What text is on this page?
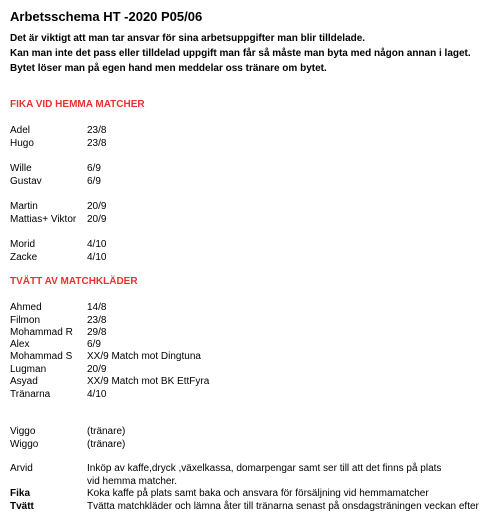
Arbetsschema HT -2020 P05/06
Det är viktigt att man tar ansvar för sina arbetsuppgifter man blir tilldelade.
Kan man inte det pass eller tilldelad uppgift man får så måste man byta med någon annan i laget.
Bytet löser man på egen hand men meddelar oss tränare om bytet.
FIKA VID HEMMA MATCHER
Adel	23/8
Hugo	23/8
Wille	6/9
Gustav	6/9
Martin	20/9
Mattias+ Viktor 20/9
Morid	4/10
Zacke	4/10
TVÄTT AV MATCHKLÄDER
Ahmed	14/8
Filmon	23/8
Mohammad R 29/8
Alex	6/9
Mohammad S XX/9 Match mot Dingtuna
Lugman	20/9
Asyad	XX/9 Match mot BK EttFyra
Tränarna	4/10
Viggo	(tränare)
Wiggo	(tränare)
Arvid	Inköp av kaffe,dryck ,växelkassa, domarpengar samt ser till att det finns på plats
vid hemma matcher.
Fika	Koka kaffe på plats samt baka och ansvara för försäljning vid hemmamatcher
Tvätt	Tvätta matchkläder och lämna åter till tränarna senast på onsdagsträningen veckan efter
